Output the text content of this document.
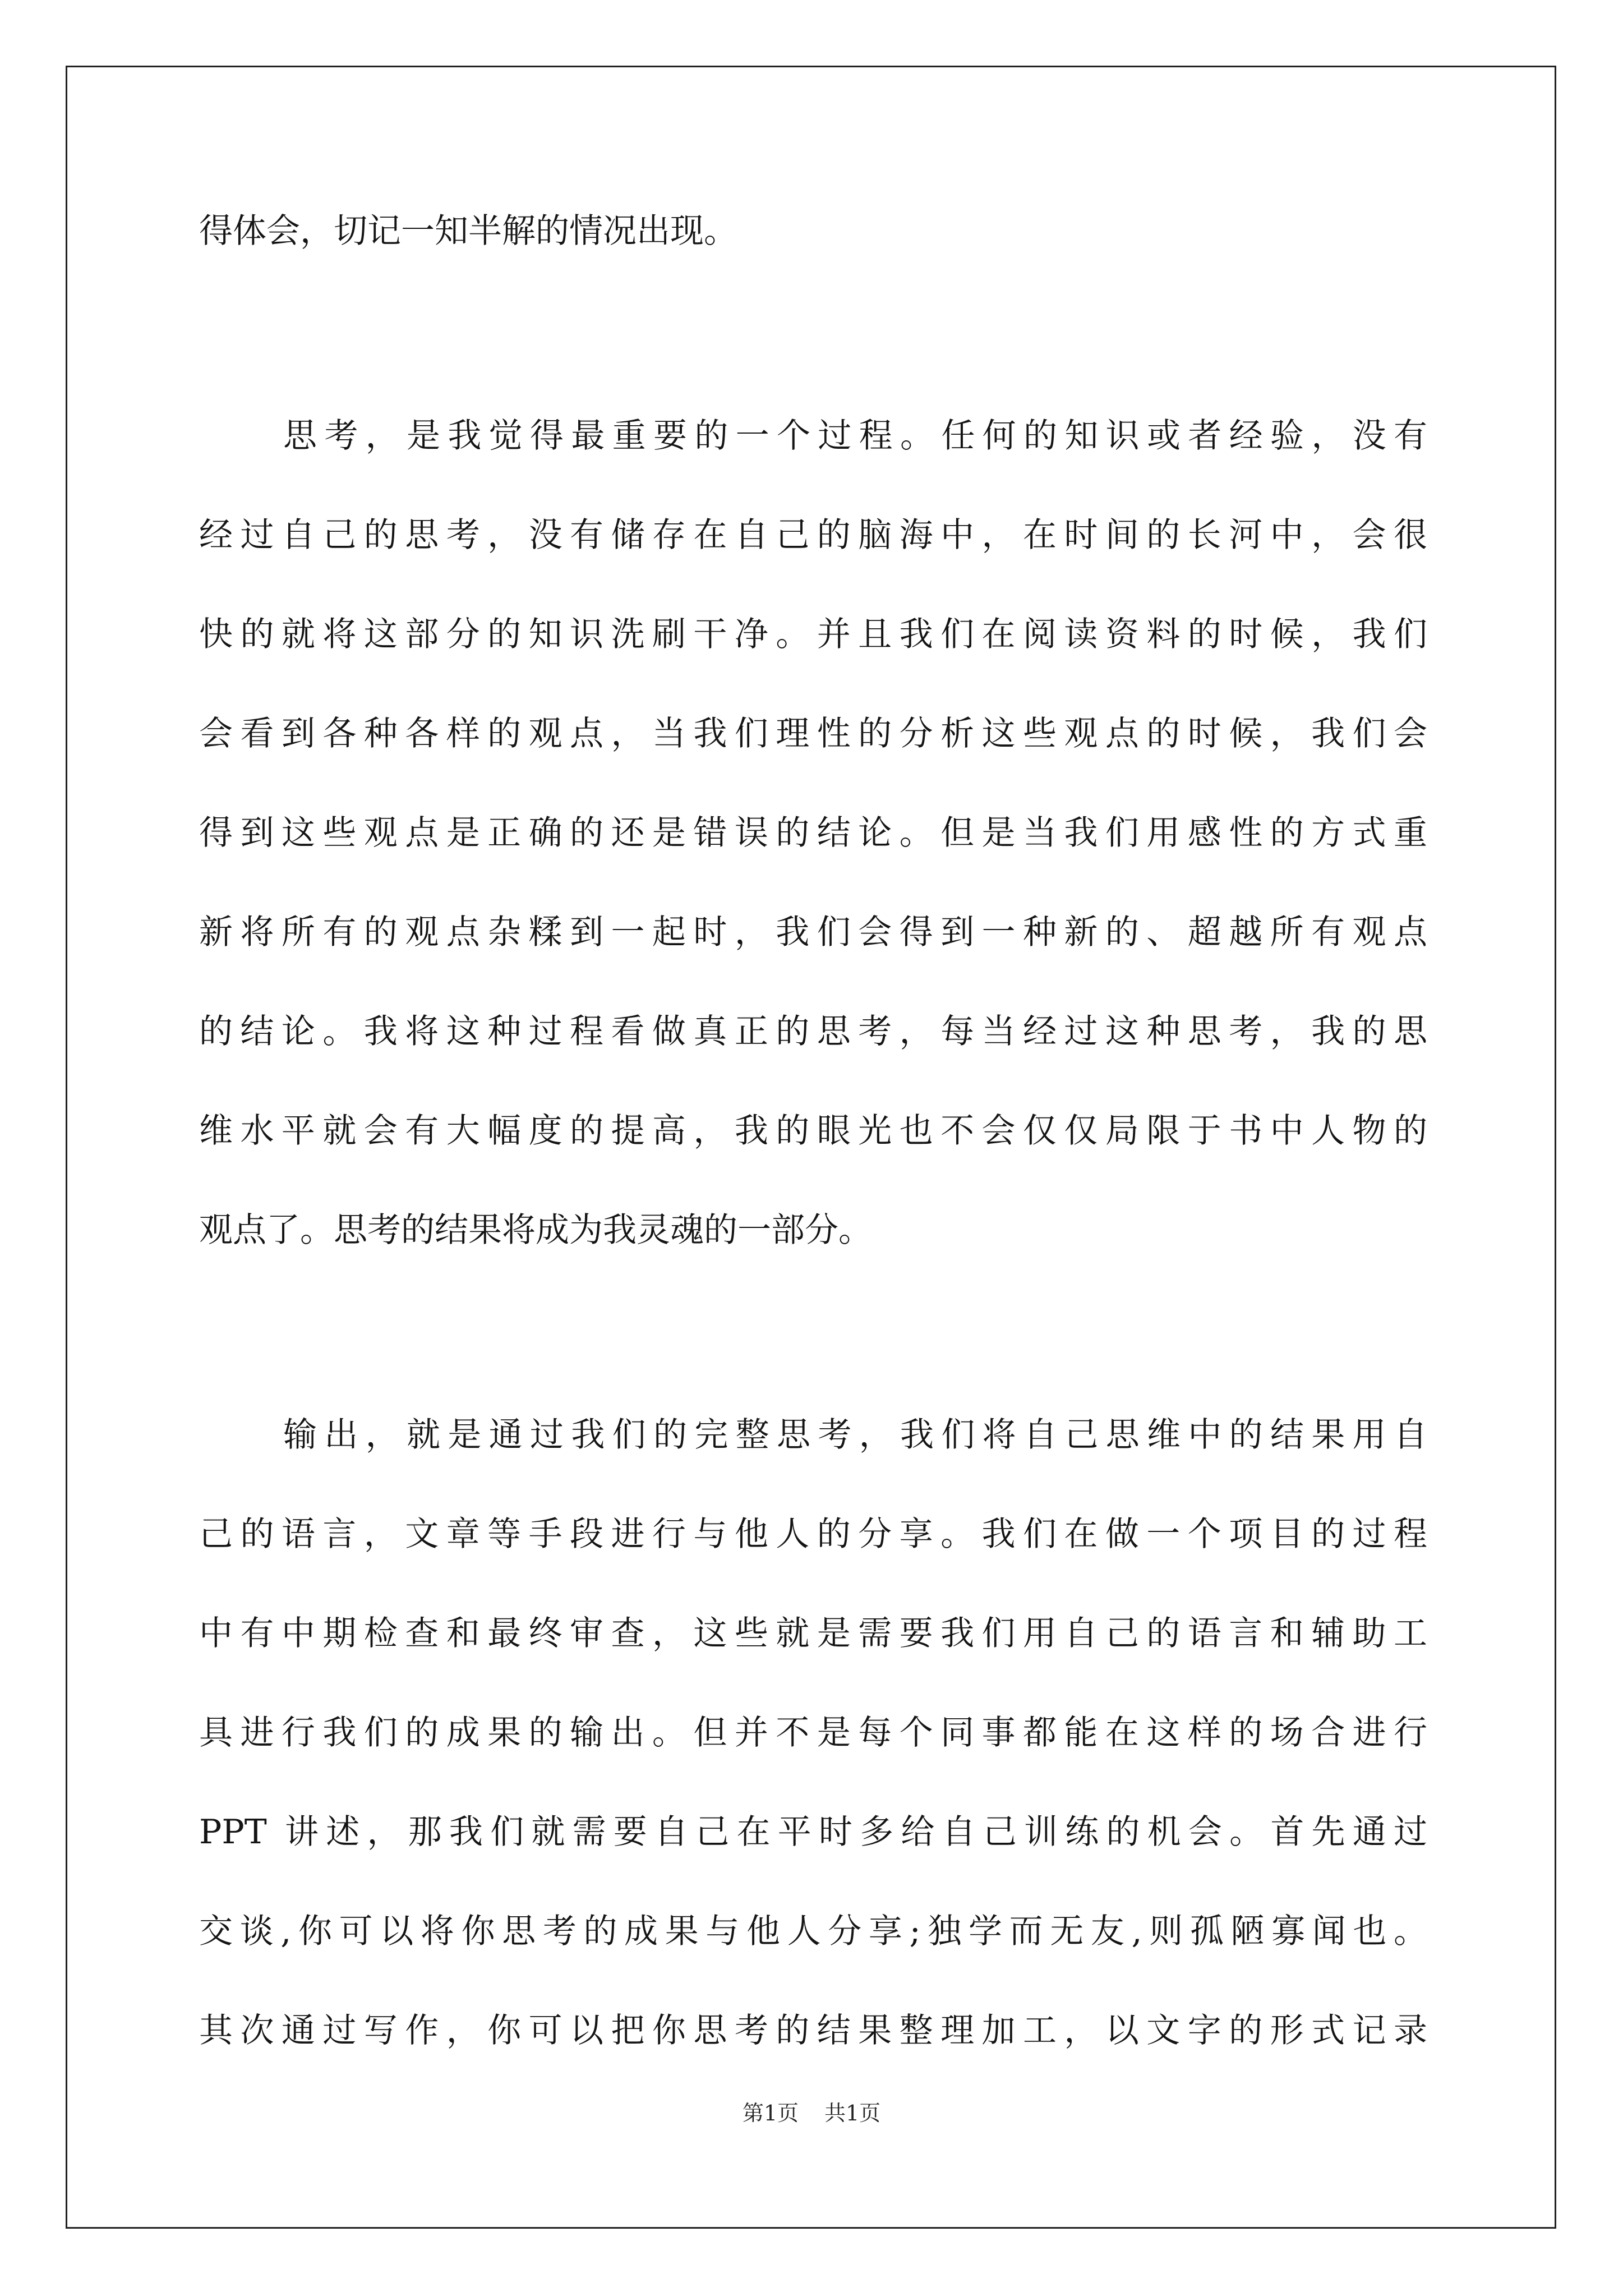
得体会，切记一知半解的情况出现。
思考，是我觉得最重要的一个过程。任何的知识或者经验，没有
经过自己的思考，没有储存在自己的脑海中，在时间的长河中，会很
快的就将这部分的知识洗刷干净。并且我们在阅读资料的时候，我们
会看到各种各样的观点，当我们理性的分析这些观点的时候，我们会
得到这些观点是正确的还是错误的结论。但是当我们用感性的方式重
新将所有的观点杂糅到一起时，我们会得到一种新的、超越所有观点
的结论。我将这种过程看做真正的思考，每当经过这种思考，我的思
维水平就会有大幅度的提高，我的眼光也不会仅仅局限于书中人物的
观点了。思考的结果将成为我灵魂的一部分。
输出，就是通过我们的完整思考，我们将自己思维中的结果用自
己的语言，文章等手段进行与他人的分享。我们在做一个项目的过程
中有中期检查和最终审查，这些就是需要我们用自己的语言和辅助工
具进行我们的成果的输出。但并不是每个同事都能在这样的场合进行
PPT 讲述，那我们就需要自己在平时多给自己训练的机会。首先通过
交谈,你可以将你思考的成果与他人分享;独学而无友,则孤陋寡闻也。
其次通过写作，你可以把你思考的结果整理加工，以文字的形式记录
第1页 共1页
